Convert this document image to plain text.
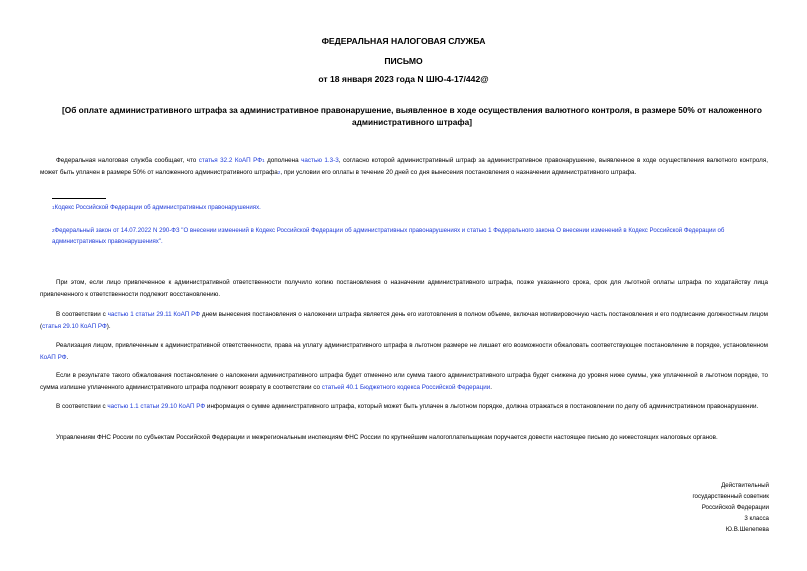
ФЕДЕРАЛЬНАЯ НАЛОГОВАЯ СЛУЖБА
ПИСЬМО
от 18 января 2023 года N ШЮ-4-17/442@
[Об оплате административного штрафа за административное правонарушение, выявленное в ходе осуществления валютного контроля, в размере 50% от наложенного административного штрафа]
Федеральная налоговая служба сообщает, что статья 32.2 КоАП РФ$^1$ дополнена частью 1.3-3, согласно которой административный штраф за административное правонарушение, выявленное в ходе осуществления валютного контроля, может быть уплачен в размере 50% от наложенного административного штрафа$^2$, при условии его оплаты в течение 20 дней со дня вынесения постановления о назначении административного штрафа.
$^1$Кодекс Российской Федерации об административных правонарушениях.
$^2$Федеральный закон от 14.07.2022 N 290-ФЗ "О внесении изменений в Кодекс Российской Федерации об административных правонарушениях и статью 1 Федерального закона О внесении изменений в Кодекс Российской Федерации об административных правонарушениях".
При этом, если лицо привлеченное к административной ответственности получило копию постановления о назначении административного штрафа, позже указанного срока, срок для льготной оплаты штрафа по ходатайству лица привлеченного к ответственности подлежит восстановлению.
В соответствии с частью 1 статьи 29.11 КоАП РФ днем вынесения постановления о наложении штрафа является день его изготовления в полном объеме, включая мотивировочную часть постановления и его подписание должностным лицом (статья 29.10 КоАП РФ).
Реализация лицом, привлеченным к административной ответственности, права на уплату административного штрафа в льготном размере не лишает его возможности обжаловать соответствующее постановление в порядке, установленном КоАП РФ.
Если в результате такого обжалования постановление о наложении административного штрафа будет отменено или сумма такого административного штрафа будет снижена до уровня ниже суммы, уже уплаченной в льготном порядке, то сумма излишне уплаченного административного штрафа подлежит возврату в соответствии со статьей 40.1 Бюджетного кодекса Российской Федерации.
В соответствии с частью 1.1 статьи 29.10 КоАП РФ информация о сумме административного штрафа, который может быть уплачен в льготном порядке, должна отражаться в постановлении по делу об административном правонарушении.
Управлениям ФНС России по субъектам Российской Федерации и межрегиональным инспекциям ФНС России по крупнейшим налогоплательщикам поручается довести настоящее письмо до нижестоящих налоговых органов.
Действительный
государственный советник
Российской Федерации
3 класса
Ю.В.Шелепева
